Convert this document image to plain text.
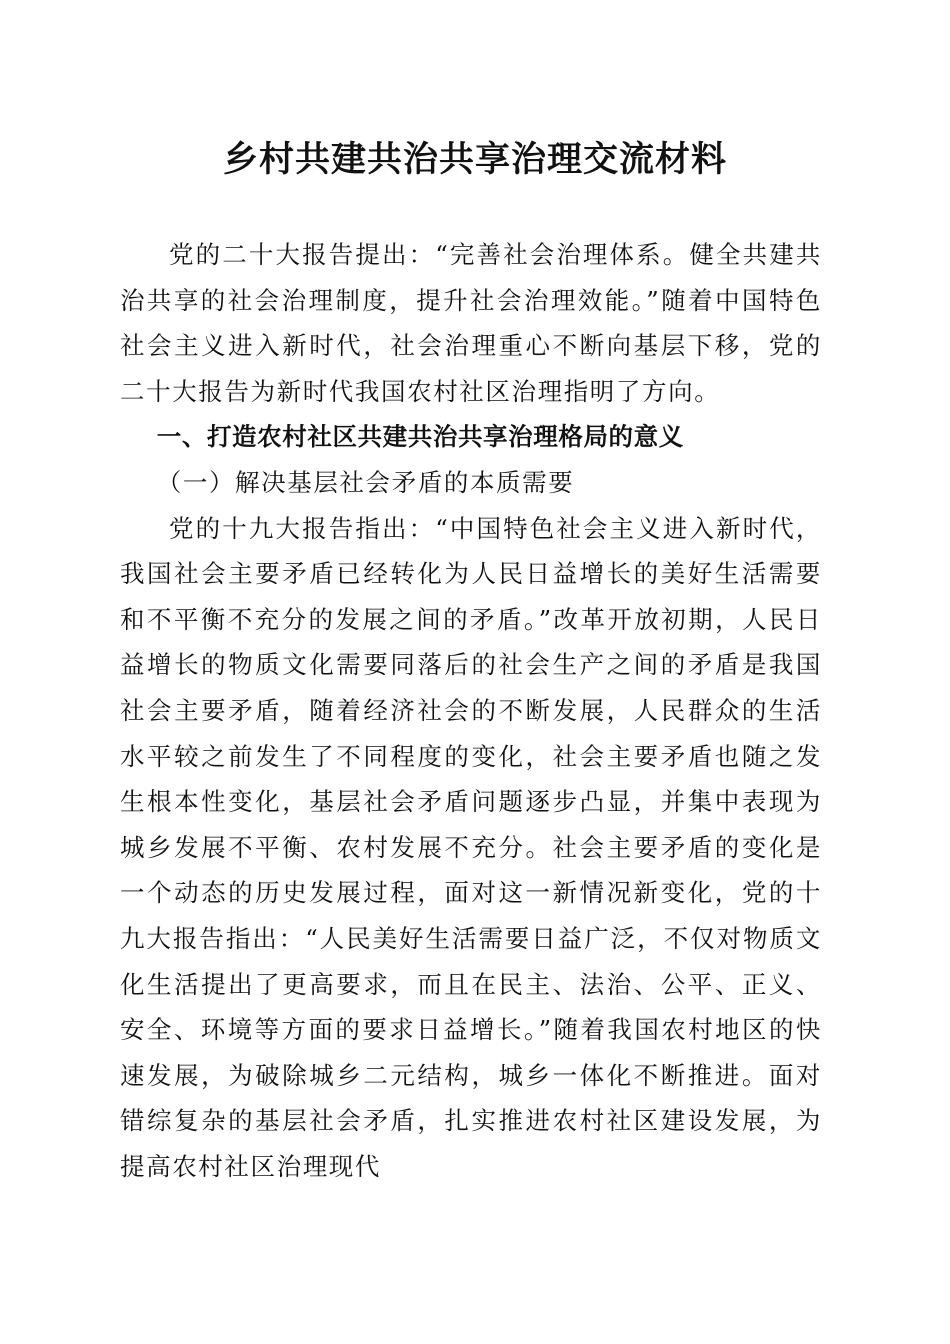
乡村共建共治共享治理交流材料

党的二十大报告提出：“完善社会治理体系。健全共建共治共享的社会治理制度，提升社会治理效能。”随着中国特色社会主义进入新时代，社会治理重心不断向基层下移，党的二十大报告为新时代我国农村社区治理指明了方向。

一、打造农村社区共建共治共享治理格局的意义

（一）解决基层社会矛盾的本质需要

党的十九大报告指出：“中国特色社会主义进入新时代，我国社会主要矛盾已经转化为人民日益增长的美好生活需要和不平衡不充分的发展之间的矛盾。”改革开放初期，人民日益增长的物质文化需要同落后的社会生产之间的矛盾是我国社会主要矛盾，随着经济社会的不断发展，人民群众的生活水平较之前发生了不同程度的变化，社会主要矛盾也随之发生根本性变化，基层社会矛盾问题逐步凸显，并集中表现为城乡发展不平衡、农村发展不充分。社会主要矛盾的变化是一个动态的历史发展过程，面对这一新情况新变化，党的十九大报告指出：“人民美好生活需要日益广泛，不仅对物质文化生活提出了更高要求，而且在民主、法治、公平、正义、安全、环境等方面的要求日益增长。”随着我国农村地区的快速发展，为破除城乡二元结构，城乡一体化不断推进。面对错综复杂的基层社会矛盾，扎实推进农村社区建设发展，为提高农村社区治理现代
